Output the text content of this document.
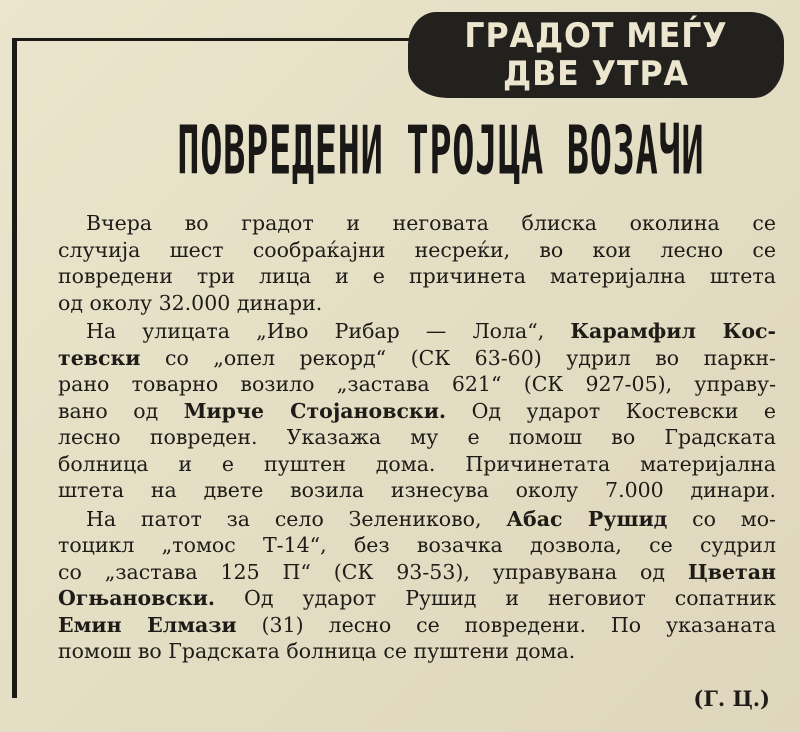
ГРАДОТ МЕЃУ
ДВЕ УТРА
ПОВРЕДЕНИ ТРОЈЦА ВОЗАЧИ
Вчера во градот и неговата блиска околина се
случија шест сообраќајни несреќи, во кои лесно се
повредени три лица и е причинета материјална штета
од околу 32.000 динари.
На улицата „Иво Рибар — Лола“, Карамфил Кос-
тевски со „опел рекорд“ (СК 63-60) удрил во паркн-
рано товарно возило „застава 621“ (СК 927-05), управу-
вано од Мирче Стојановски. Од ударот Костевски е
лесно повреден. Указажа му е помош во Градската
болница и е пуштен дома. Причинетата материјална
штета на двете возила изнесува околу 7.000 динари.
На патот за село Зелениково, Абас Рушид со мо-
тоцикл „томос Т-14“, без возачка дозвола, се судрил
со „застава 125 П“ (СК 93-53), управувана од Цветан
Огњановски. Од ударот Рушид и неговиот сопатник
Емин Елмази (31) лесно се повредени. По указаната
помош во Градската болница се пуштени дома.
(Г. Ц.)
